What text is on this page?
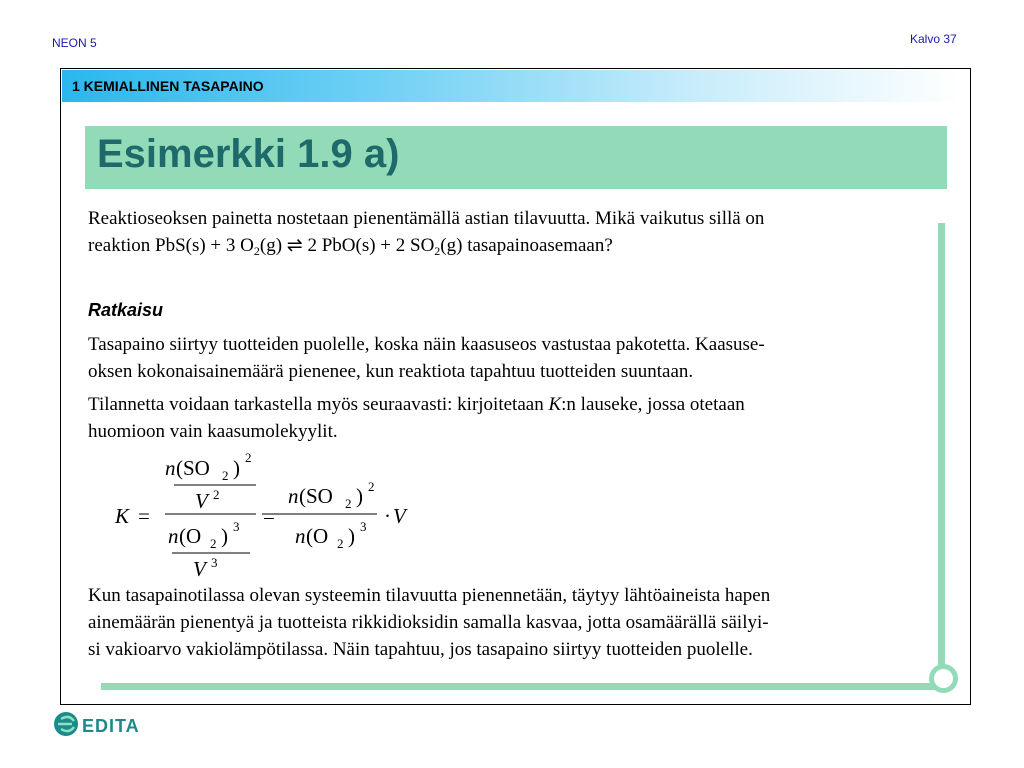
NEON 5	Kalvo 37
1 KEMIALLINEN TASAPAINO
Esimerkki 1.9 a)

Reaktioseoksen painetta nostetaan pienentämällä astian tilavuutta. Mikä vaikutus sillä on
reaktion PbS(s) + 3 $O_2(g)$ ⇌ 2 PbO(s) + 2 $SO_2(g)$ tasapainoasemaan?

Ratkaisu

Tasapaino siirtyy tuotteiden puolelle, koska näin kaasuseos vastustaa pakotetta. Kaasuse-
oksen kokonaisainemäärä pienenee, kun reaktiota tapahtuu tuotteiden suuntaan.

Tilannetta voidaan tarkastella myös seuraavasti: kirjoitetaan K:n lauseke, jossa otetaan
huomioon vain kaasumolekyylit.

K =	=
n (SO 2 ) 2
V 2
n (O 2 ) 3
V 3
n (SO 2 ) 2
n (O 2 ) 3 · V

Kun tasapainotilassa olevan systeemin tilavuutta pienennetään, täytyy lähtöaineista hapen
ainemäärän pienentyä ja tuotteista rikkidioksidin samalla kasvaa, jotta osamäärällä säilyi-
si vakioarvo vakiolämpötilassa. Näin tapahtuu, jos tasapaino siirtyy tuotteiden puolelle.

EDITA
